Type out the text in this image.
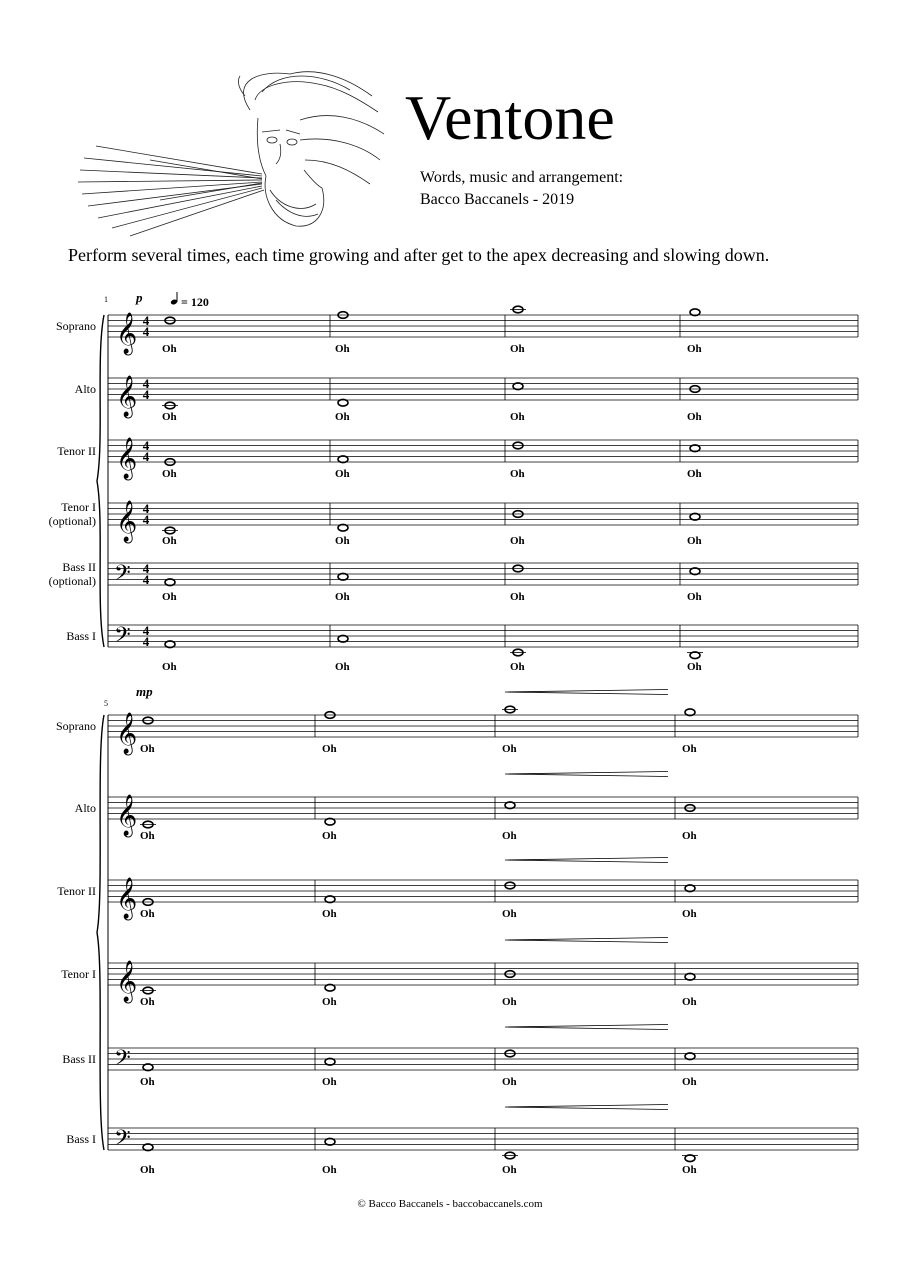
Ventone
Words, music and arrangement:
Bacco Baccanels - 2019
Perform several times, each time growing and after get to the apex decreasing and slowing down.
1 p	= 120
Soprano 𝄞 4
4
Oh	Oh	Oh	Oh
Alto 𝄞 4
4
Oh	Oh	Oh	Oh
Tenor II 𝄞 4
4
Oh	Oh	Oh	Oh
Tenor I
(optional) 𝄞 4
4
Oh	Oh	Oh	Oh
Bass II
(optional) 𝄢 4
4
Oh	Oh	Oh	Oh
Bass I 𝄢 4
4
Oh	Oh	Oh	Oh
5
mp
Soprano 𝄞 Oh	Oh	Oh	Oh
Alto 𝄞 Oh	Oh	Oh	Oh
Tenor II 𝄞 Oh	Oh	Oh	Oh
Tenor I 𝄞 Oh	Oh	Oh	Oh
Bass II 𝄢
Oh	Oh	Oh	Oh
Bass I 𝄢
Oh	Oh	Oh	Oh
© Bacco Baccanels - baccobaccanels.com
